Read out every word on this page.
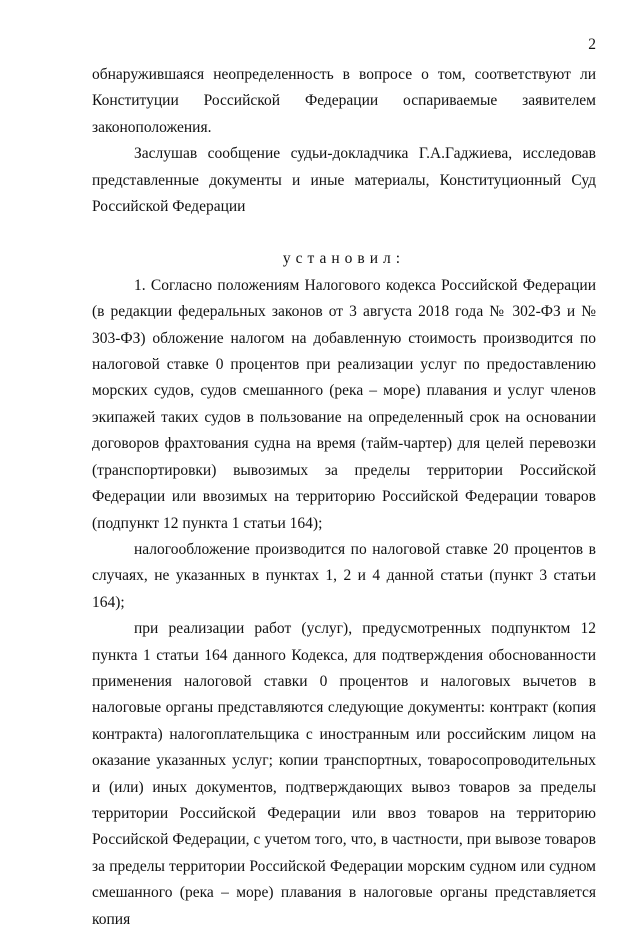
2

обнаружившаяся неопределенность в вопросе о том, соответствуют ли Конституции Российской Федерации оспариваемые заявителем законоположения.

Заслушав сообщение судьи-докладчика Г.А.Гаджиева, исследовав представленные документы и иные материалы, Конституционный Суд Российской Федерации

установил:

1. Согласно положениям Налогового кодекса Российской Федерации (в редакции федеральных законов от 3 августа 2018 года № 302-ФЗ и № 303-ФЗ) обложение налогом на добавленную стоимость производится по налоговой ставке 0 процентов при реализации услуг по предоставлению морских судов, судов смешанного (река – море) плавания и услуг членов экипажей таких судов в пользование на определенный срок на основании договоров фрахтования судна на время (тайм-чартер) для целей перевозки (транспортировки) вывозимых за пределы территории Российской Федерации или ввозимых на территорию Российской Федерации товаров (подпункт 12 пункта 1 статьи 164);

налогообложение производится по налоговой ставке 20 процентов в случаях, не указанных в пунктах 1, 2 и 4 данной статьи (пункт 3 статьи 164);

при реализации работ (услуг), предусмотренных подпунктом 12 пункта 1 статьи 164 данного Кодекса, для подтверждения обоснованности применения налоговой ставки 0 процентов и налоговых вычетов в налоговые органы представляются следующие документы: контракт (копия контракта) налогоплательщика с иностранным или российским лицом на оказание указанных услуг; копии транспортных, товаросопроводительных и (или) иных документов, подтверждающих вывоз товаров за пределы территории Российской Федерации или ввоз товаров на территорию Российской Федерации, с учетом того, что, в частности, при вывозе товаров за пределы территории Российской Федерации морским судном или судном смешанного (река – море) плавания в налоговые органы представляется копия
